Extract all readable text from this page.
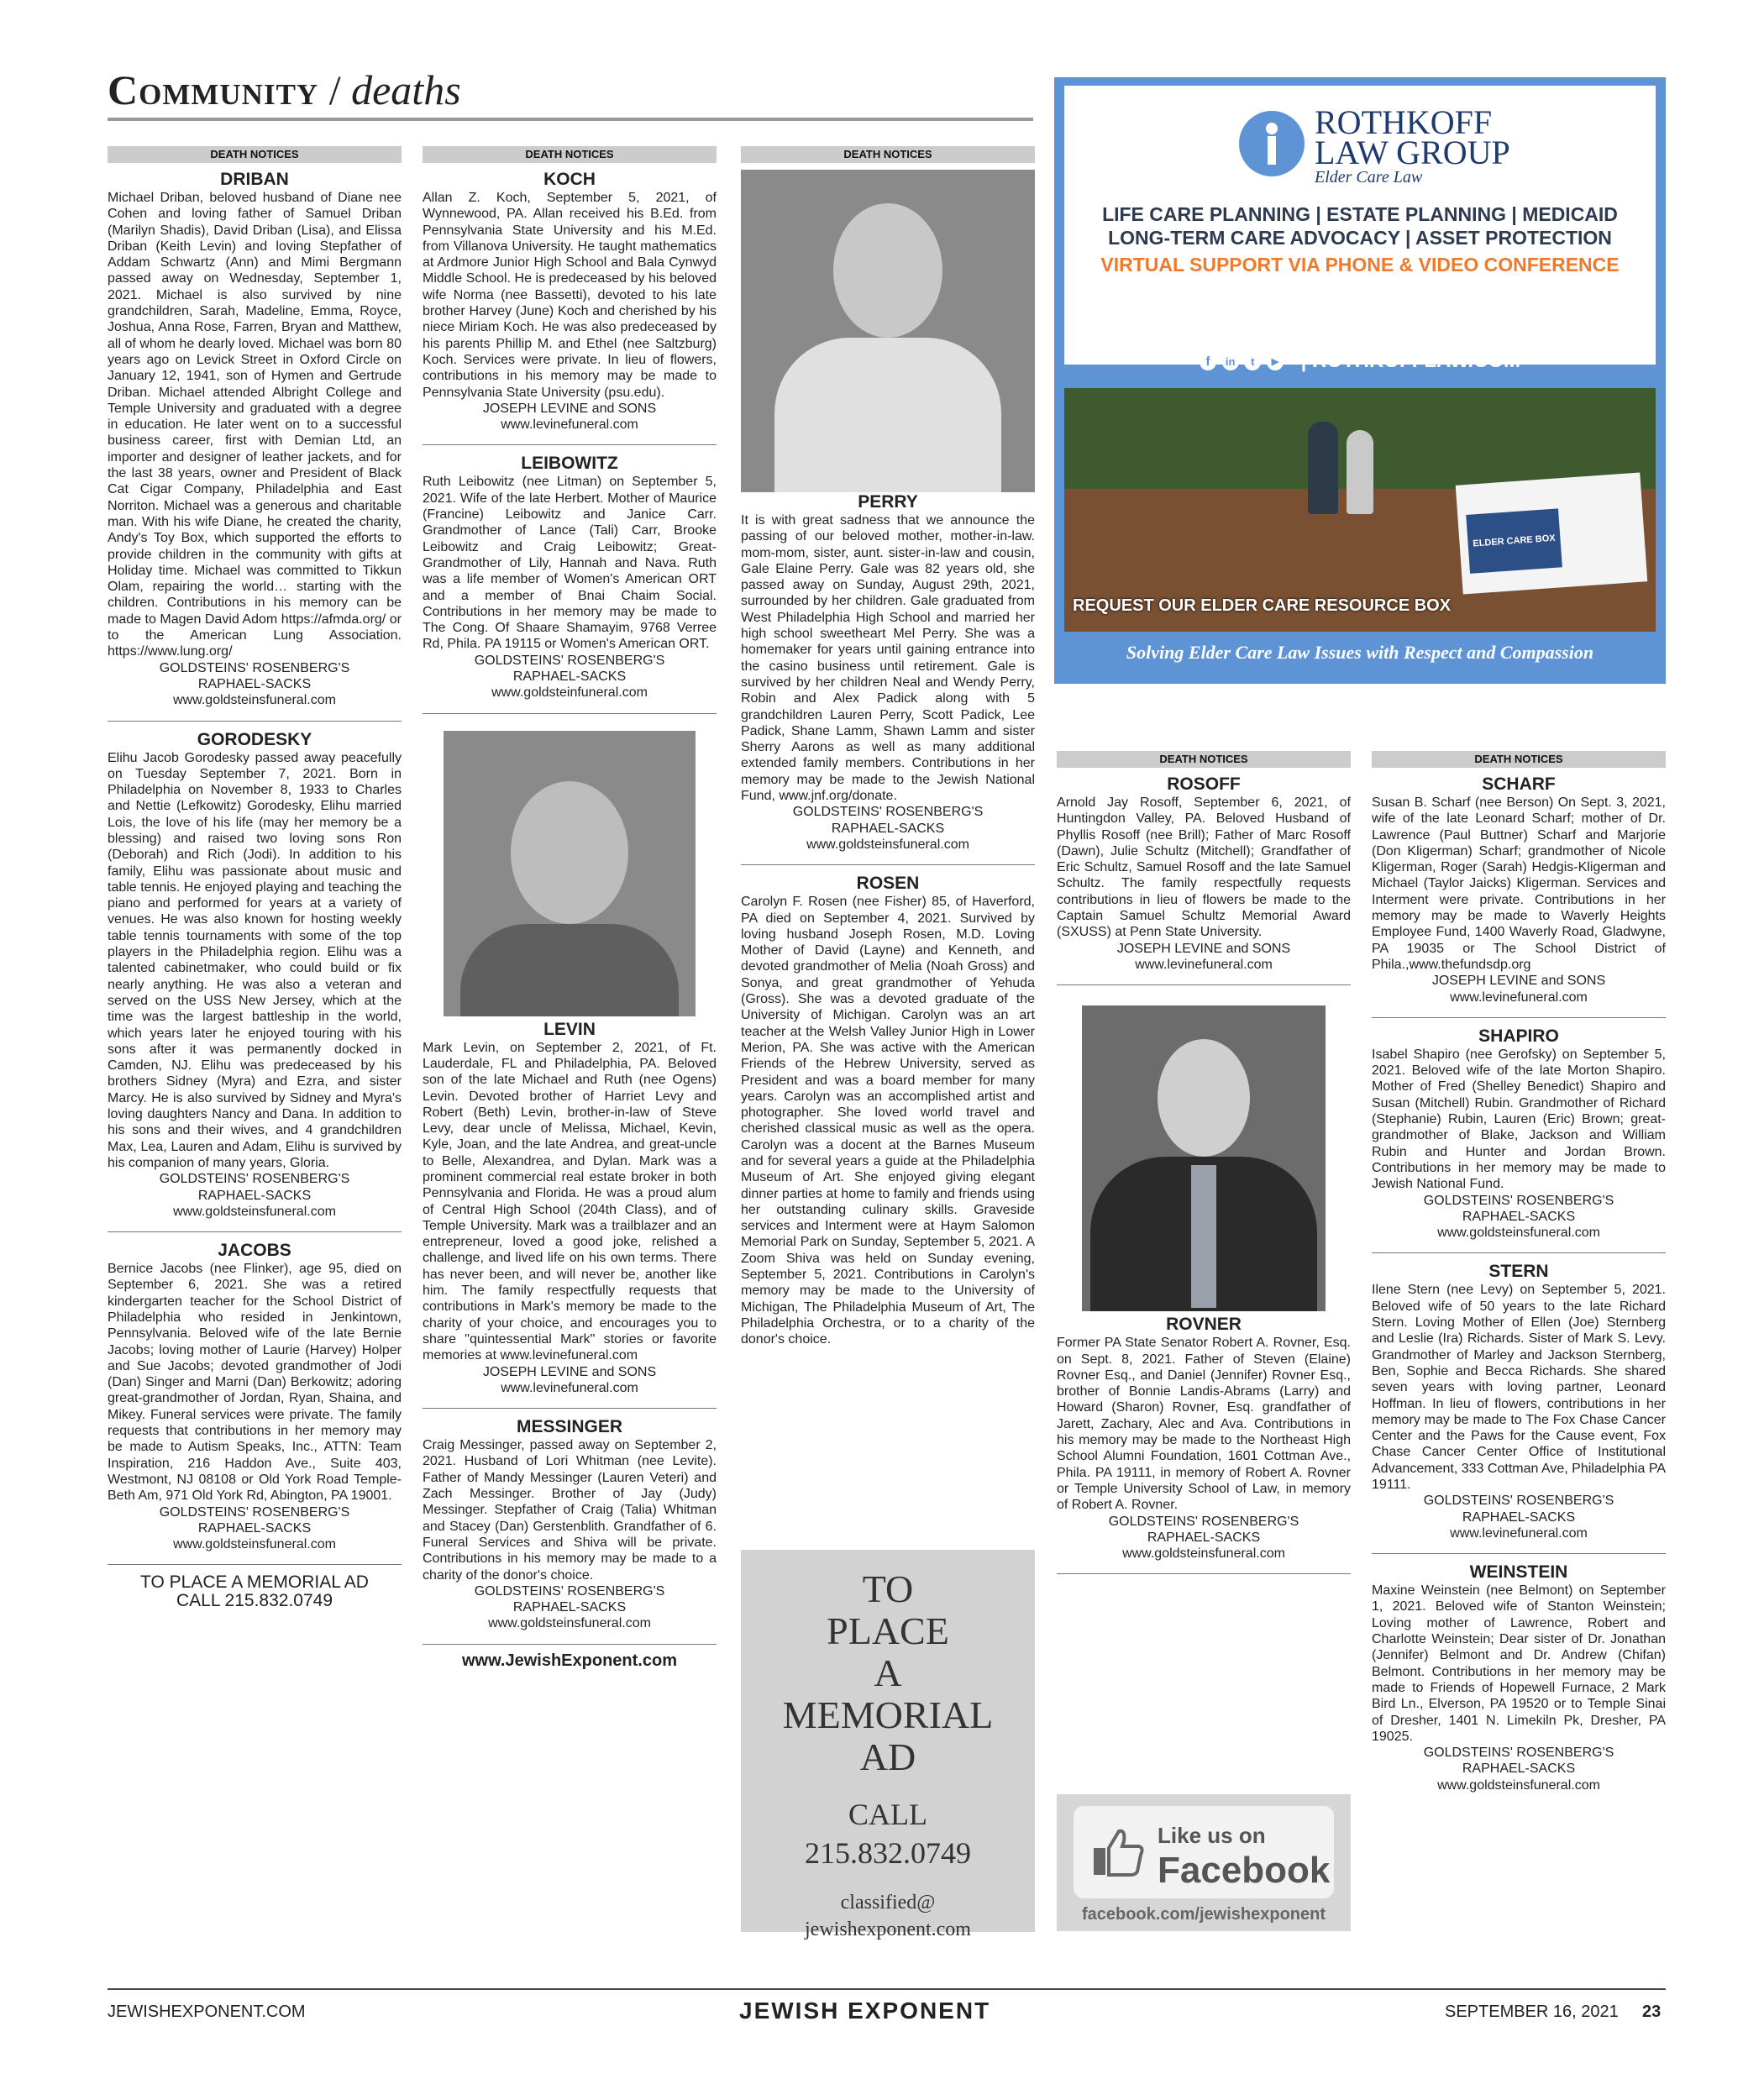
Community / deaths
DEATH NOTICES
DRIBAN

Michael Driban, beloved husband of Diane nee Cohen and loving father of Samuel Driban (Marilyn Shadis), David Driban (Lisa), and Elissa Driban (Keith Levin) and loving Stepfather of Addam Schwartz (Ann) and Mimi Bergmann passed away on Wednesday, September 1, 2021. Michael is also survived by nine grandchildren, Sarah, Madeline, Emma, Royce, Joshua, Anna Rose, Farren, Bryan and Matthew, all of whom he dearly loved. Michael was born 80 years ago on Levick Street in Oxford Circle on January 12, 1941, son of Hymen and Gertrude Driban. Michael attended Albright College and Temple University and graduated with a degree in education. He later went on to a successful business career, first with Demian Ltd, an importer and designer of leather jackets, and for the last 38 years, owner and President of Black Cat Cigar Company, Philadelphia and East Norriton. Michael was a generous and charitable man. With his wife Diane, he created the charity, Andy's Toy Box, which supported the efforts to provide children in the community with gifts at Holiday time. Michael was committed to Tikkun Olam, repairing the world… starting with the children. Contributions in his memory can be made to Magen David Adom https://afmda.org/ or to the American Lung Association. https://www.lung.org/

GOLDSTEINS' ROSENBERG'S

RAPHAEL-SACKS

www.goldsteinsfuneral.com

GORODESKY

Elihu Jacob Gorodesky passed away peacefully on Tuesday September 7, 2021. Born in Philadelphia on November 8, 1933 to Charles and Nettie (Lefkowitz) Gorodesky, Elihu married Lois, the love of his life (may her memory be a blessing) and raised two loving sons Ron (Deborah) and Rich (Jodi). In addition to his family, Elihu was passionate about music and table tennis. He enjoyed playing and teaching the piano and performed for years at a variety of venues. He was also known for hosting weekly table tennis tournaments with some of the top players in the Philadelphia region. Elihu was a talented cabinetmaker, who could build or fix nearly anything. He was also a veteran and served on the USS New Jersey, which at the time was the largest battleship in the world, which years later he enjoyed touring with his sons after it was permanently docked in Camden, NJ. Elihu was predeceased by his brothers Sidney (Myra) and Ezra, and sister Marcy. He is also survived by Sidney and Myra's loving daughters Nancy and Dana. In addition to his sons and their wives, and 4 grandchildren Max, Lea, Lauren and Adam, Elihu is survived by his companion of many years, Gloria.

GOLDSTEINS' ROSENBERG'S

RAPHAEL-SACKS

www.goldsteinsfuneral.com

JACOBS

Bernice Jacobs (nee Flinker), age 95, died on September 6, 2021. She was a retired kindergarten teacher for the School District of Philadelphia who resided in Jenkintown, Pennsylvania. Beloved wife of the late Bernie Jacobs; loving mother of Laurie (Harvey) Holper and Sue Jacobs; devoted grandmother of Jodi (Dan) Singer and Marni (Dan) Berkowitz; adoring great-grandmother of Jordan, Ryan, Shaina, and Mikey. Funeral services were private. The family requests that contributions in her memory may be made to Autism Speaks, Inc., ATTN: Team Inspiration, 216 Haddon Ave., Suite 403, Westmont, NJ 08108 or Old York Road Temple- Beth Am, 971 Old York Rd, Abington, PA 19001.

GOLDSTEINS' ROSENBERG'S

RAPHAEL-SACKS

www.goldsteinsfuneral.com

TO PLACE A MEMORIAL AD

CALL 215.832.0749

DEATH NOTICES
KOCH

Allan Z. Koch, September 5, 2021, of Wynnewood, PA. Allan received his B.Ed. from Pennsylvania State University and his M.Ed. from Villanova University. He taught mathematics at Ardmore Junior High School and Bala Cynwyd Middle School. He is predeceased by his beloved wife Norma (nee Bassetti), devoted to his late brother Harvey (June) Koch and cherished by his niece Miriam Koch. He was also predeceased by his parents Phillip M. and Ethel (nee Saltzburg) Koch. Services were private. In lieu of flowers, contributions in his memory may be made to Pennsylvania State University (psu.edu).

JOSEPH LEVINE and SONS

www.levinefuneral.com

LEIBOWITZ

Ruth Leibowitz (nee Litman) on September 5, 2021. Wife of the late Herbert. Mother of Maurice (Francine) Leibowitz and Janice Carr. Grandmother of Lance (Tali) Carr, Brooke Leibowitz and Craig Leibowitz; Great-Grandmother of Lily, Hannah and Nava. Ruth was a life member of Women's American ORT and a member of Bnai Chaim Social. Contributions in her memory may be made to The Cong. Of Shaare Shamayim, 9768 Verree Rd, Phila. PA 19115 or Women's American ORT.

GOLDSTEINS' ROSENBERG'S

RAPHAEL-SACKS

www.goldsteinfuneral.com

LEVIN

Mark Levin, on September 2, 2021, of Ft. Lauderdale, FL and Philadelphia, PA. Beloved son of the late Michael and Ruth (nee Ogens) Levin. Devoted brother of Harriet Levy and Robert (Beth) Levin, brother-in-law of Steve Levy, dear uncle of Melissa, Michael, Kevin, Kyle, Joan, and the late Andrea, and great-uncle to Belle, Alexandrea, and Dylan. Mark was a prominent commercial real estate broker in both Pennsylvania and Florida. He was a proud alum of Central High School (204th Class), and of Temple University. Mark was a trailblazer and an entrepreneur, loved a good joke, relished a challenge, and lived life on his own terms. There has never been, and will never be, another like him. The family respectfully requests that contributions in Mark's memory be made to the charity of your choice, and encourages you to share "quintessential Mark" stories or favorite memories at www.levinefuneral.com

JOSEPH LEVINE and SONS

www.levinefuneral.com

MESSINGER

Craig Messinger, passed away on September 2, 2021. Husband of Lori Whitman (nee Levite). Father of Mandy Messinger (Lauren Veteri) and Zach Messinger. Brother of Jay (Judy) Messinger. Stepfather of Craig (Talia) Whitman and Stacey (Dan) Gerstenblith. Grandfather of 6. Funeral Services and Shiva will be private. Contributions in his memory may be made to a charity of the donor's choice.

GOLDSTEINS' ROSENBERG'S

RAPHAEL-SACKS

www.goldsteinsfuneral.com

www.JewishExponent.com

DEATH NOTICES
PERRY

It is with great sadness that we announce the passing of our beloved mother, mother-in-law. mom-mom, sister, aunt. sister-in-law and cousin, Gale Elaine Perry. Gale was 82 years old, she passed away on Sunday, August 29th, 2021, surrounded by her children. Gale graduated from West Philadelphia High School and married her high school sweetheart Mel Perry. She was a homemaker for years until gaining entrance into the casino business until retirement. Gale is survived by her children Neal and Wendy Perry, Robin and Alex Padick along with 5 grandchildren Lauren Perry, Scott Padick, Lee Padick, Shane Lamm, Shawn Lamm and sister Sherry Aarons as well as many additional extended family members. Contributions in her memory may be made to the Jewish National Fund, www.jnf.org/donate.

GOLDSTEINS' ROSENBERG'S

RAPHAEL-SACKS

www.goldsteinsfuneral.com

ROSEN

Carolyn F. Rosen (nee Fisher) 85, of Haverford, PA died on September 4, 2021. Survived by loving husband Joseph Rosen, M.D. Loving Mother of David (Layne) and Kenneth, and devoted grandmother of Melia (Noah Gross) and Sonya, and great grandmother of Yehuda (Gross). She was a devoted graduate of the University of Michigan. Carolyn was an art teacher at the Welsh Valley Junior High in Lower Merion, PA. She was active with the American Friends of the Hebrew University, served as President and was a board member for many years. Carolyn was an accomplished artist and photographer. She loved world travel and cherished classical music as well as the opera. Carolyn was a docent at the Barnes Museum and for several years a guide at the Philadelphia Museum of Art. She enjoyed giving elegant dinner parties at home to family and friends using her outstanding culinary skills. Graveside services and Interment were at Haym Salomon Memorial Park on Sunday, September 5, 2021. A Zoom Shiva was held on Sunday evening, September 5, 2021. Contributions in Carolyn's memory may be made to the University of Michigan, The Philadelphia Museum of Art, The Philadelphia Orchestra, or to a charity of the donor's choice.

TO
PLACE
A
MEMORIAL
AD
CALL
215.832.0749
classified@
jewishexponent.com
ROTHKOFF
LAW GROUP
Elder Care Law
LIFE CARE PLANNING | ESTATE PLANNING | MEDICAID
LONG-TERM CARE ADVOCACY | ASSET PROTECTION
VIRTUAL SUPPORT VIA PHONE & VIDEO CONFERENCE
(856) 616-2923 • NEW JERSEY
(215) 546-5800 • PENNSYLVANIA
f in t ▶ | ROTHKOFFLAW.COM
ELDER CARE BOX
REQUEST OUR ELDER CARE RESOURCE BOX
Solving Elder Care Law Issues with Respect and Compassion
DEATH NOTICES
ROSOFF

Arnold Jay Rosoff, September 6, 2021, of Huntingdon Valley, PA. Beloved Husband of Phyllis Rosoff (nee Brill); Father of Marc Rosoff (Dawn), Julie Schultz (Mitchell); Grandfather of Eric Schultz, Samuel Rosoff and the late Samuel Schultz. The family respectfully requests contributions in lieu of flowers be made to the Captain Samuel Schultz Memorial Award (SXUSS) at Penn State University.

JOSEPH LEVINE and SONS

www.levinefuneral.com

ROVNER

Former PA State Senator Robert A. Rovner, Esq. on Sept. 8, 2021. Father of Steven (Elaine) Rovner Esq., and Daniel (Jennifer) Rovner Esq., brother of Bonnie Landis-Abrams (Larry) and Howard (Sharon) Rovner, Esq. grandfather of Jarett, Zachary, Alec and Ava. Contributions in his memory may be made to the Northeast High School Alumni Foundation, 1601 Cottman Ave., Phila. PA 19111, in memory of Robert A. Rovner or Temple University School of Law, in memory of Robert A. Rovner.

GOLDSTEINS' ROSENBERG'S

RAPHAEL-SACKS

www.goldsteinsfuneral.com

Like us on
Facebook
facebook.com/jewishexponent
DEATH NOTICES
SCHARF

Susan B. Scharf (nee Berson) On Sept. 3, 2021, wife of the late Leonard Scharf; mother of Dr. Lawrence (Paul Buttner) Scharf and Marjorie (Don Kligerman) Scharf; grandmother of Nicole Kligerman, Roger (Sarah) Hedgis-Kligerman and Michael (Taylor Jaicks) Kligerman. Services and Interment were private. Contributions in her memory may be made to Waverly Heights Employee Fund, 1400 Waverly Road, Gladwyne, PA 19035 or The School District of Phila.,www.thefundsdp.org

JOSEPH LEVINE and SONS

www.levinefuneral.com

SHAPIRO

Isabel Shapiro (nee Gerofsky) on September 5, 2021. Beloved wife of the late Morton Shapiro. Mother of Fred (Shelley Benedict) Shapiro and Susan (Mitchell) Rubin. Grandmother of Richard (Stephanie) Rubin, Lauren (Eric) Brown; great-grandmother of Blake, Jackson and William Rubin and Hunter and Jordan Brown. Contributions in her memory may be made to Jewish National Fund.

GOLDSTEINS' ROSENBERG'S

RAPHAEL-SACKS

www.goldsteinsfuneral.com

STERN

Ilene Stern (nee Levy) on September 5, 2021. Beloved wife of 50 years to the late Richard Stern. Loving Mother of Ellen (Joe) Sternberg and Leslie (Ira) Richards. Sister of Mark S. Levy. Grandmother of Marley and Jackson Sternberg, Ben, Sophie and Becca Richards. She shared seven years with loving partner, Leonard Hoffman. In lieu of flowers, contributions in her memory may be made to The Fox Chase Cancer Center and the Paws for the Cause event, Fox Chase Cancer Center Office of Institutional Advancement, 333 Cottman Ave, Philadelphia PA 19111.

GOLDSTEINS' ROSENBERG'S

RAPHAEL-SACKS

www.levinefuneral.com

WEINSTEIN

Maxine Weinstein (nee Belmont) on September 1, 2021. Beloved wife of Stanton Weinstein; Loving mother of Lawrence, Robert and Charlotte Weinstein; Dear sister of Dr. Jonathan (Jennifer) Belmont and Dr. Andrew (Chifan) Belmont. Contributions in her memory may be made to Friends of Hopewell Furnace, 2 Mark Bird Ln., Elverson, PA 19520 or to Temple Sinai of Dresher, 1401 N. Limekiln Pk, Dresher, PA 19025.

GOLDSTEINS' ROSENBERG'S

RAPHAEL-SACKS

www.goldsteinsfuneral.com

JEWISHEXPONENT.COM	JEWISH EXPONENT	SEPTEMBER 16, 2021 23
